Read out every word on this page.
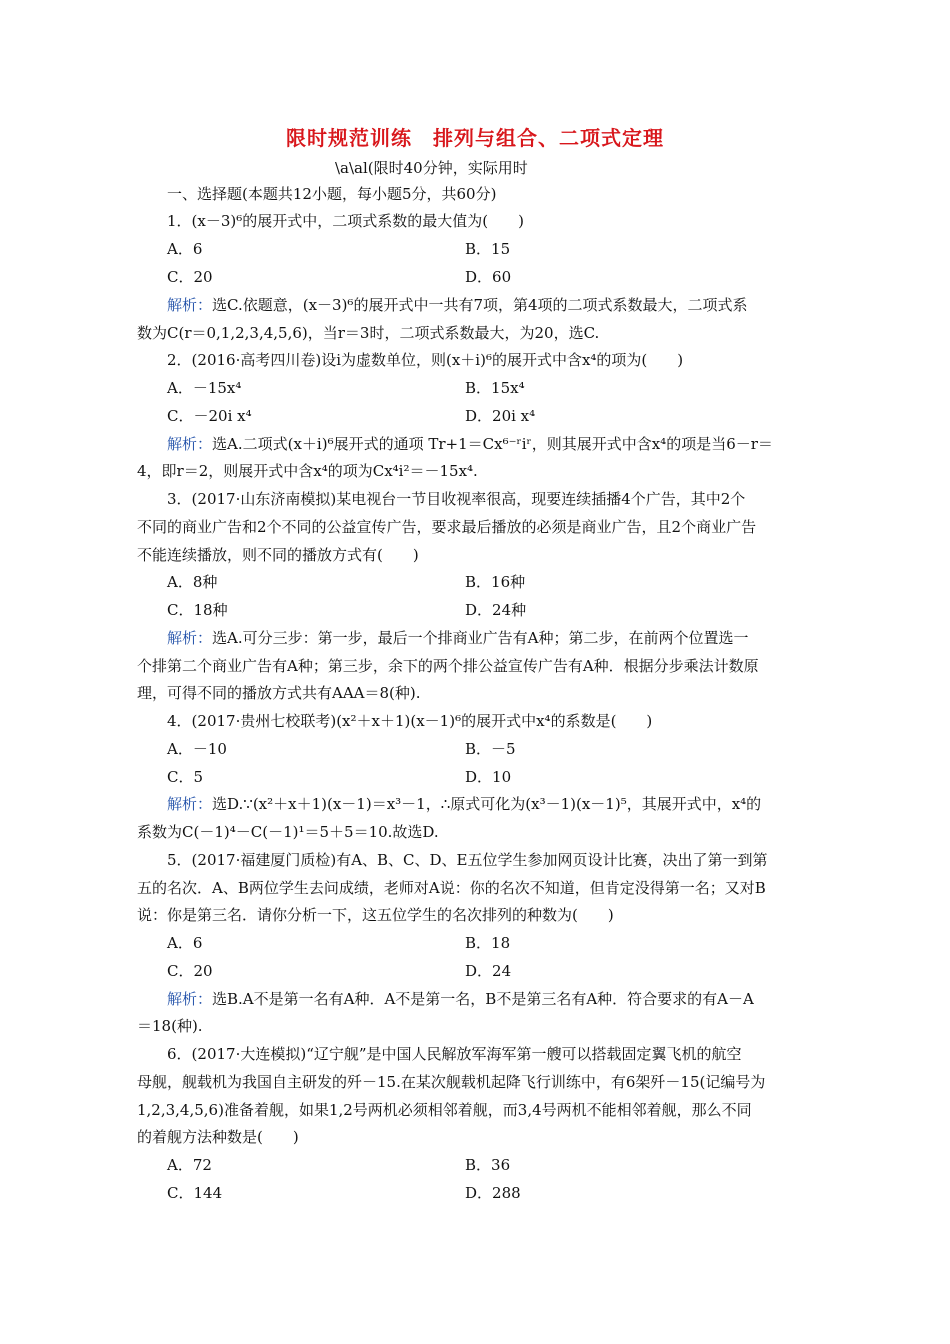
限时规范训练　排列与组合、二项式定理
\a\al(限时40分钟，实际用时
一、选择题(本题共12小题，每小题5分，共60分)
1．(x－3)⁶的展开式中，二项式系数的最大值为(　　)
A．6	B．15
C．20	D．60
解析：选C.依题意，(x－3)⁶的展开式中一共有7项，第4项的二项式系数最大，二项式系
数为C(r＝0,1,2,3,4,5,6)，当r＝3时，二项式系数最大，为20，选C.
2．(2016·高考四川卷)设i为虚数单位，则(x＋i)⁶的展开式中含x⁴的项为(　　)
A．－15x⁴	B．15x⁴
C．－20i x⁴	D．20i x⁴
解析：选A.二项式(x＋i)⁶展开式的通项 Tr+1＝Cx⁶⁻ʳiʳ，则其展开式中含x⁴的项是当6－r＝
4，即r＝2，则展开式中含x⁴的项为Cx⁴i²＝－15x⁴.
3．(2017·山东济南模拟)某电视台一节目收视率很高，现要连续插播4个广告，其中2个
不同的商业广告和2个不同的公益宣传广告，要求最后播放的必须是商业广告，且2个商业广告
不能连续播放，则不同的播放方式有(　　)
A．8种	B．16种
C．18种	D．24种
解析：选A.可分三步：第一步，最后一个排商业广告有A种；第二步，在前两个位置选一
个排第二个商业广告有A种；第三步，余下的两个排公益宣传广告有A种．根据分步乘法计数原
理，可得不同的播放方式共有AAA＝8(种).
4．(2017·贵州七校联考)(x²＋x＋1)(x－1)⁶的展开式中x⁴的系数是(　　)
A．－10	B．－5
C．5	D．10
解析：选D.∵(x²＋x＋1)(x－1)＝x³－1，∴原式可化为(x³－1)(x－1)⁵，其展开式中，x⁴的
系数为C(－1)⁴－C(－1)¹＝5＋5＝10.故选D.
5．(2017·福建厦门质检)有A、B、C、D、E五位学生参加网页设计比赛，决出了第一到第
五的名次．A、B两位学生去问成绩，老师对A说：你的名次不知道，但肯定没得第一名；又对B
说：你是第三名．请你分析一下，这五位学生的名次排列的种数为(　　)
A．6	B．18
C．20	D．24
解析：选B.A不是第一名有A种．A不是第一名，B不是第三名有A种．符合要求的有A－A
＝18(种).
6．(2017·大连模拟)“辽宁舰”是中国人民解放军海军第一艘可以搭载固定翼飞机的航空
母舰，舰载机为我国自主研发的歼－15.在某次舰载机起降飞行训练中，有6架歼－15(记编号为
1,2,3,4,5,6)准备着舰，如果1,2号两机必须相邻着舰，而3,4号两机不能相邻着舰，那么不同
的着舰方法种数是(　　)
A．72	B．36
C．144	D．288
